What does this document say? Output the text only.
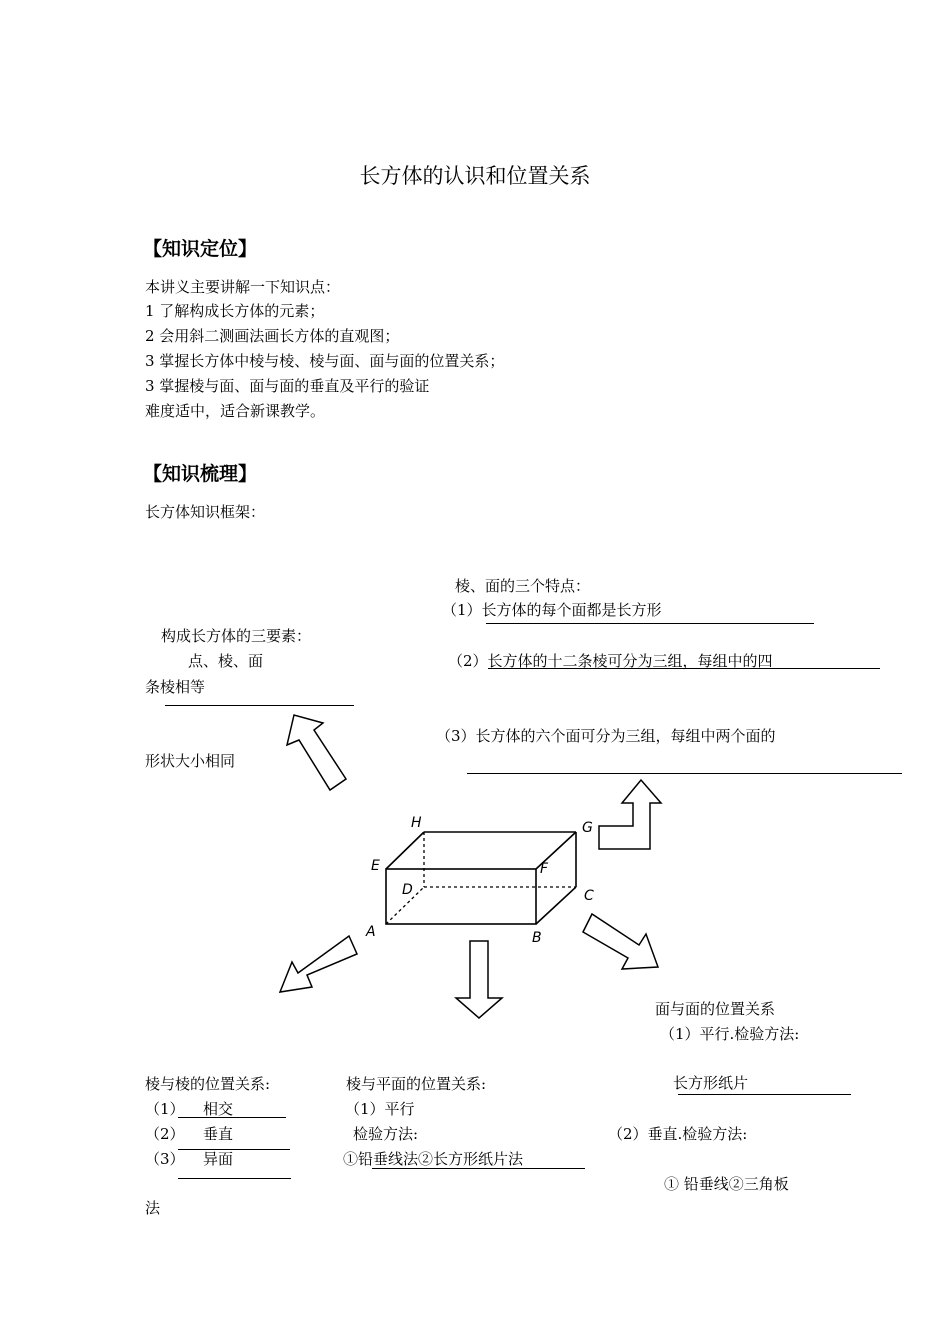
长方体的认识和位置关系
【知识定位】
本讲义主要讲解一下知识点：
1 了解构成长方体的元素；
2 会用斜二测画法画长方体的直观图；
3 掌握长方体中棱与棱、棱与面、面与面的位置关系；
3 掌握棱与面、面与面的垂直及平行的验证
难度适中，适合新课教学。
【知识梳理】
长方体知识框架：
棱、面的三个特点：
（1）长方体的每个面都是长方形
（2）长方体的十二条棱可分为三组，每组中的四
条棱相等
（3）长方体的六个面可分为三组，每组中两个面的
形状大小相同
构成长方体的三要素：
点、棱、面
A	B
C
D
E	F
G
H
面与面的位置关系
（1）平行.检验方法:
长方形纸片
（2）垂直.检验方法:
① 铅垂线②三角板
法
棱与棱的位置关系:
（1） 相交
（2） 垂直
（3） 异面
棱与平面的位置关系:
（1）平行
检验方法:
①铅垂线法②长方形纸片法
